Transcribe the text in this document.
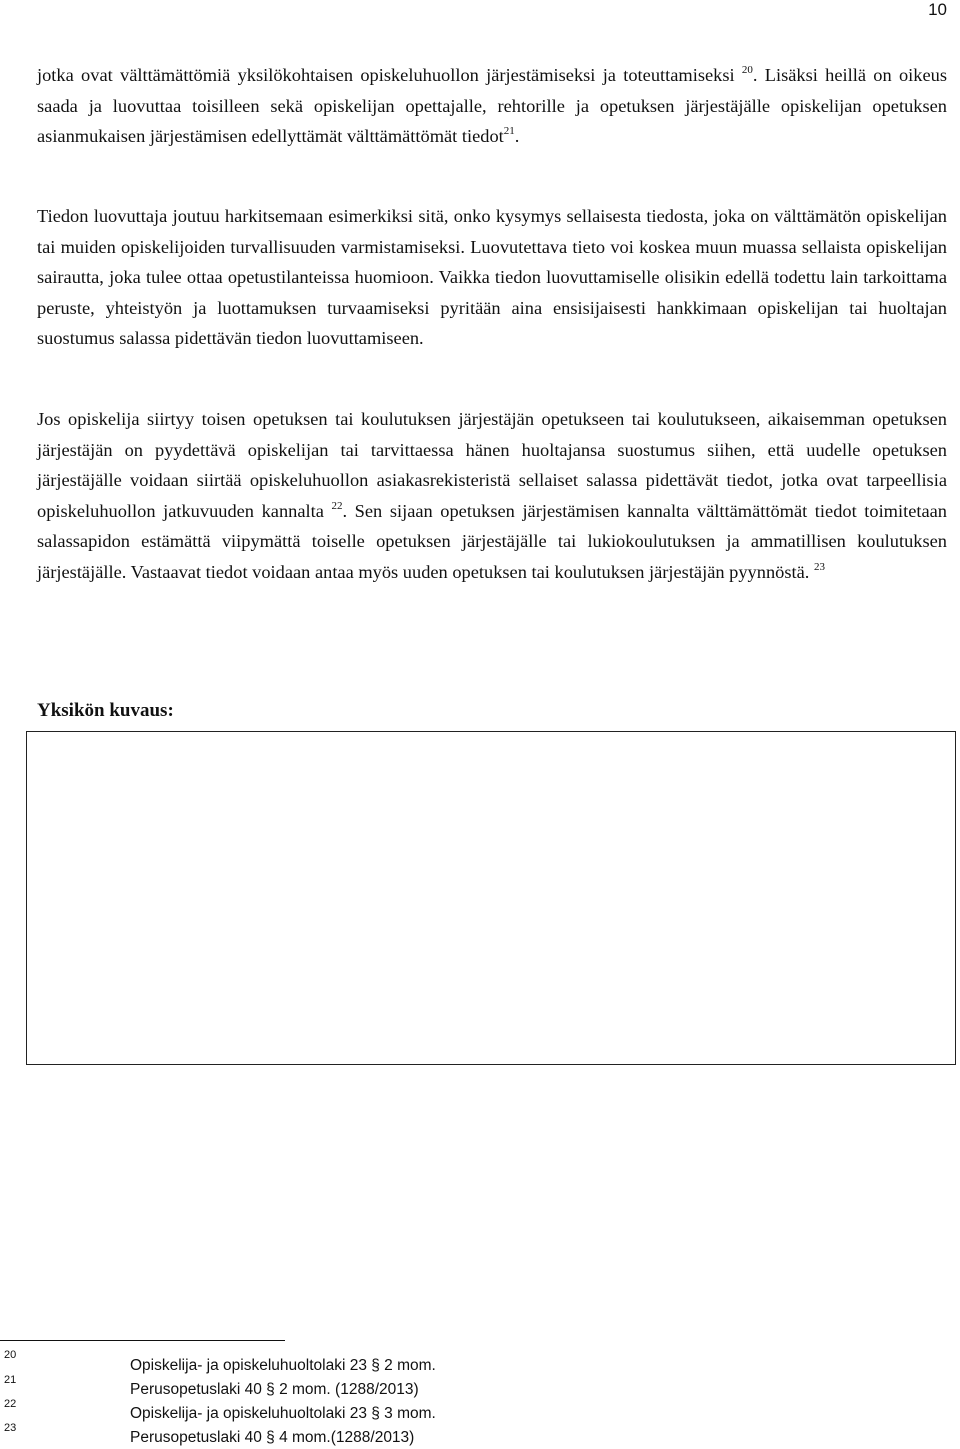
10

jotka ovat välttämättömiä yksilökohtaisen opiskeluhuollon järjestämiseksi ja toteuttamiseksi $^{20}$. Lisäksi heillä on oikeus saada ja luovuttaa toisilleen sekä opiskelijan opettajalle, rehtorille ja opetuksen järjestäjälle opiskelijan opetuksen asianmukaisen järjestämisen edellyttämät välttämättömät tiedot$^{21}$.

Tiedon luovuttaja joutuu harkitsemaan esimerkiksi sitä, onko kysymys sellaisesta tiedosta, joka on välttämätön opiskelijan tai muiden opiskelijoiden turvallisuuden varmistamiseksi. Luovutettava tieto voi koskea muun muassa sellaista opiskelijan sairautta, joka tulee ottaa opetustilanteissa huomioon. Vaikka tiedon luovuttamiselle olisikin edellä todettu lain tarkoittama peruste, yhteistyön ja luottamuksen turvaamiseksi pyritään aina ensisijaisesti hankkimaan opiskelijan tai huoltajan suostumus salassa pidettävän tiedon luovuttamiseen.

Jos opiskelija siirtyy toisen opetuksen tai koulutuksen järjestäjän opetukseen tai koulutukseen, aikaisemman opetuksen järjestäjän on pyydettävä opiskelijan tai tarvittaessa hänen huoltajansa suostumus siihen, että uudelle opetuksen järjestäjälle voidaan siirtää opiskeluhuollon asiakasrekisteristä sellaiset salassa pidettävät tiedot, jotka ovat tarpeellisia opiskeluhuollon jatkuvuuden kannalta $^{22}$. Sen sijaan opetuksen järjestämisen kannalta välttämättömät tiedot toimitetaan salassapidon estämättä viipymättä toiselle opetuksen järjestäjälle tai lukiokoulutuksen ja ammatillisen koulutuksen järjestäjälle. Vastaavat tiedot voidaan antaa myös uuden opetuksen tai koulutuksen järjestäjän pyynnöstä. $^{23}$

Yksikön kuvaus:
20
21
22
23
Opiskelija- ja opiskeluhuoltolaki 23 § 2 mom.
Perusopetuslaki 40 § 2 mom. (1288/2013)
Opiskelija- ja opiskeluhuoltolaki 23 § 3 mom.
Perusopetuslaki 40 § 4 mom.(1288/2013)
